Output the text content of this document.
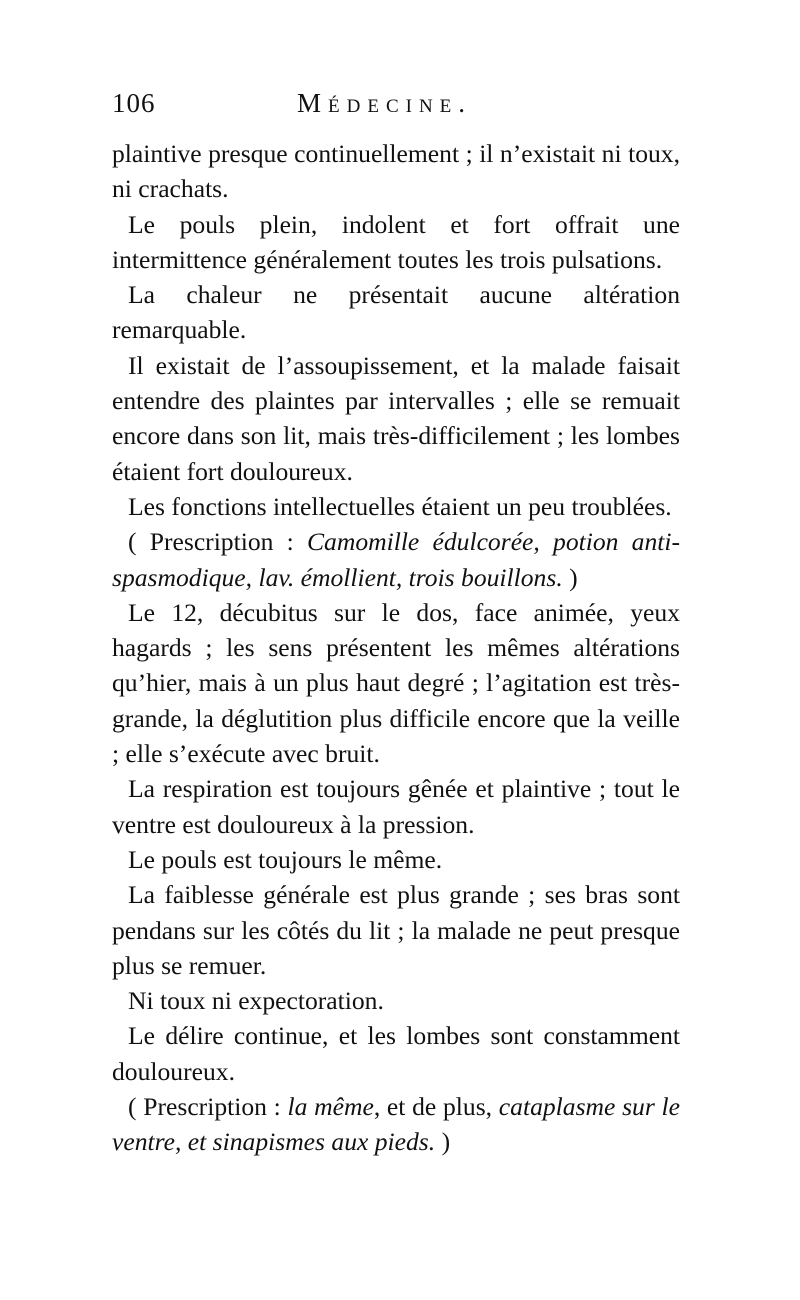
106	Médecine.

plaintive presque continuellement ; il n’existait ni toux, ni crachats.

Le pouls plein, indolent et fort offrait une intermittence généralement toutes les trois pulsations.

La chaleur ne présentait aucune altération remarquable.

Il existait de l’assoupissement, et la malade faisait entendre des plaintes par intervalles ; elle se remuait encore dans son lit, mais très-difficilement ; les lombes étaient fort douloureux.

Les fonctions intellectuelles étaient un peu troublées.

( Prescription : Camomille édulcorée, potion anti-spasmodique, lav. émollient, trois bouillons. )

Le 12, décubitus sur le dos, face animée, yeux hagards ; les sens présentent les mêmes altérations qu’hier, mais à un plus haut degré ; l’agitation est très-grande, la déglutition plus difficile encore que la veille ; elle s’exécute avec bruit.

La respiration est toujours gênée et plaintive ; tout le ventre est douloureux à la pression.

Le pouls est toujours le même.

La faiblesse générale est plus grande ; ses bras sont pendans sur les côtés du lit ; la malade ne peut presque plus se remuer.

Ni toux ni expectoration.

Le délire continue, et les lombes sont constamment douloureux.

( Prescription : la même, et de plus, cataplasme sur le ventre, et sinapismes aux pieds. )
